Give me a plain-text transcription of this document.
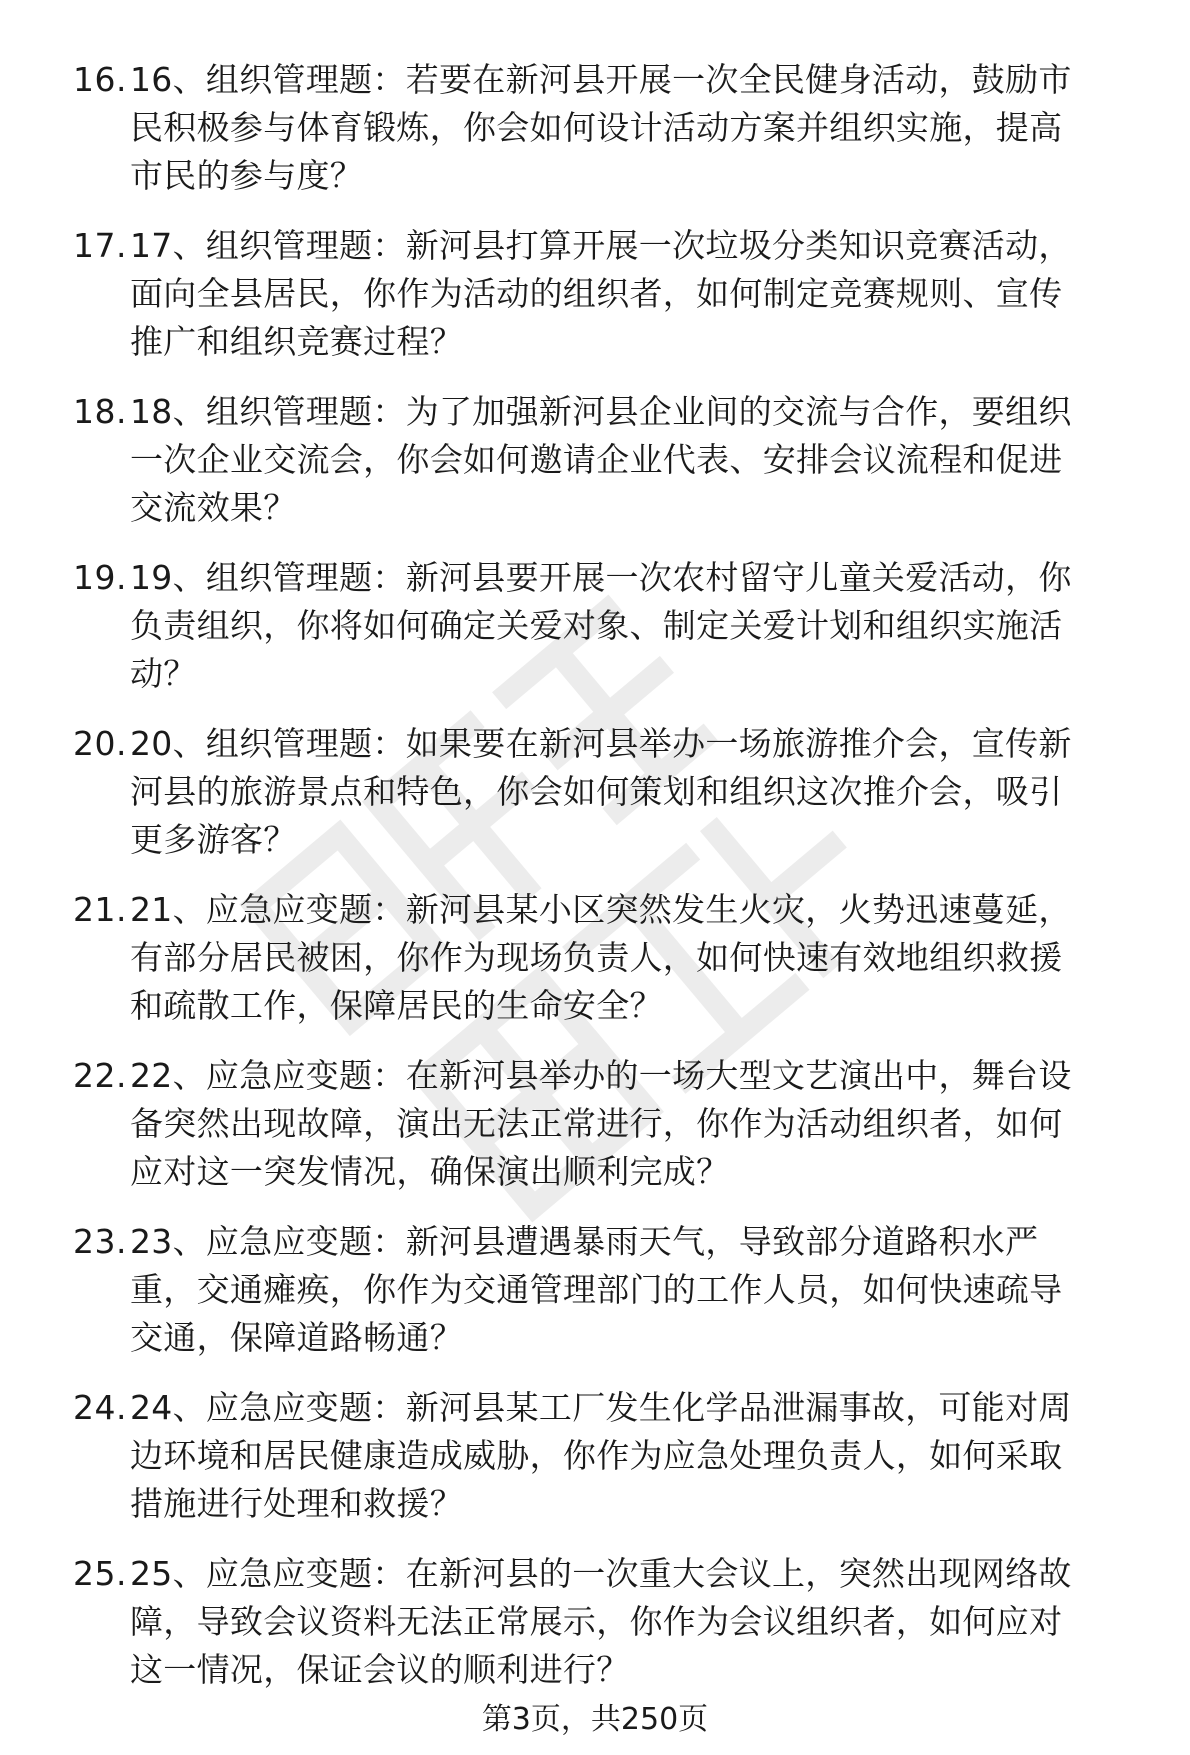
16. 16、组织管理题：若要在新河县开展一次全民健身活动，鼓励市
民积极参与体育锻炼，你会如何设计活动方案并组织实施，提高
市民的参与度？
17. 17、组织管理题：新河县打算开展一次垃圾分类知识竞赛活动，
面向全县居民，你作为活动的组织者，如何制定竞赛规则、宣传
推广和组织竞赛过程？
18. 18、组织管理题：为了加强新河县企业间的交流与合作，要组织
一次企业交流会，你会如何邀请企业代表、安排会议流程和促进
交流效果？
19. 19、组织管理题：新河县要开展一次农村留守儿童关爱活动，你
负责组织，你将如何确定关爱对象、制定关爱计划和组织实施活
动？
20. 20、组织管理题：如果要在新河县举办一场旅游推介会，宣传新
河县的旅游景点和特色，你会如何策划和组织这次推介会，吸引
更多游客？
21. 21、应急应变题：新河县某小区突然发生火灾，火势迅速蔓延，
有部分居民被困，你作为现场负责人，如何快速有效地组织救援
和疏散工作，保障居民的生命安全？
22. 22、应急应变题：在新河县举办的一场大型文艺演出中，舞台设
备突然出现故障，演出无法正常进行，你作为活动组织者，如何
应对这一突发情况，确保演出顺利完成？
23. 23、应急应变题：新河县遭遇暴雨天气，导致部分道路积水严
重，交通瘫痪，你作为交通管理部门的工作人员，如何快速疏导
交通，保障道路畅通？
24. 24、应急应变题：新河县某工厂发生化学品泄漏事故，可能对周
边环境和居民健康造成威胁，你作为应急处理负责人，如何采取
措施进行处理和救援？
25. 25、应急应变题：在新河县的一次重大会议上，突然出现网络故
障，导致会议资料无法正常展示，你作为会议组织者，如何应对
这一情况，保证会议的顺利进行？
第3页，共250页
